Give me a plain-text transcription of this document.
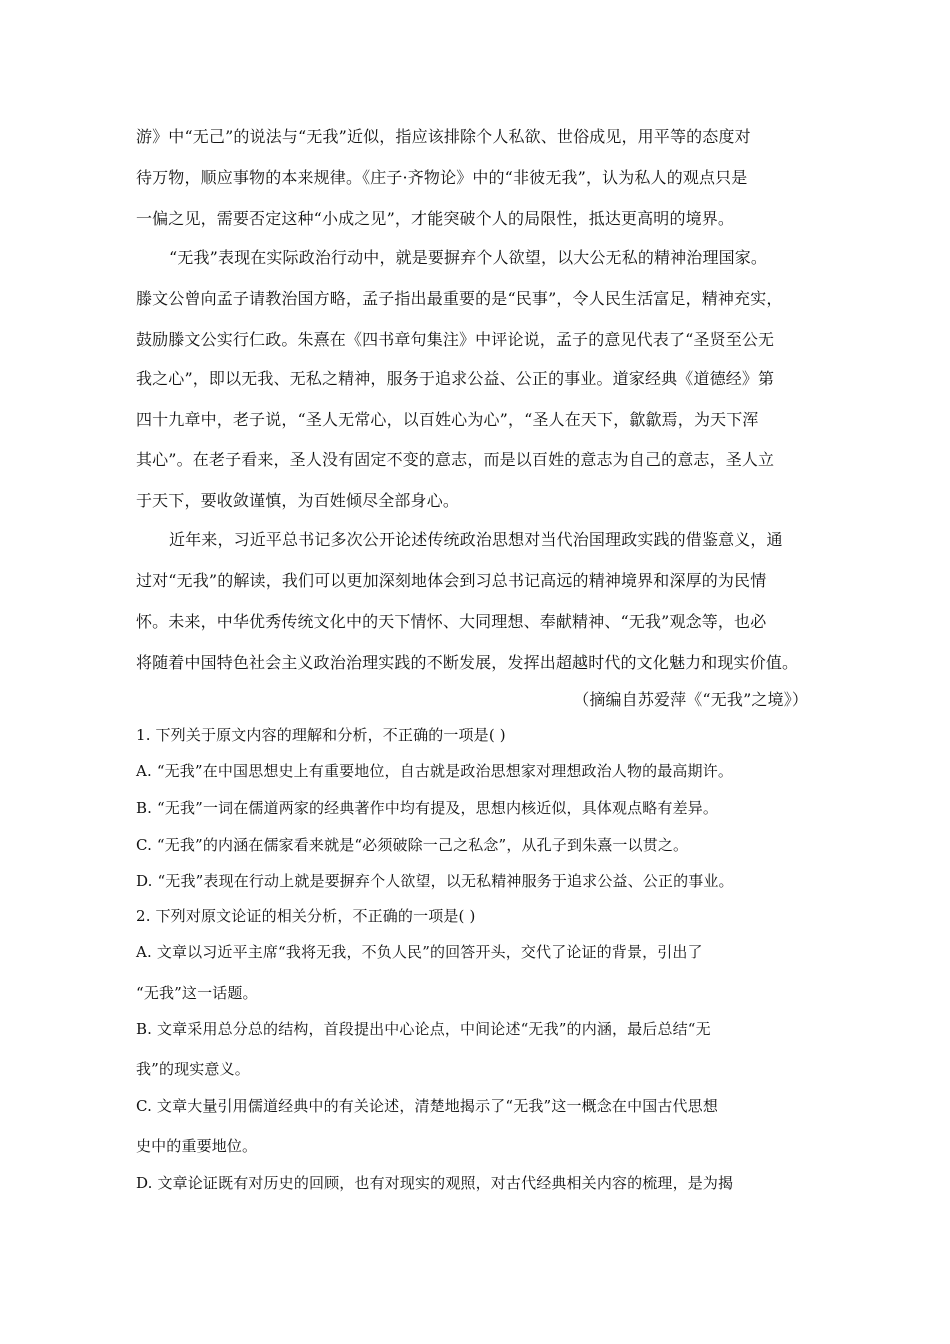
游》中“无己”的说法与“无我”近似，指应该排除个人私欲、世俗成见，用平等的态度对
待万物，顺应事物的本来规律。《庄子·齐物论》中的“非彼无我”，认为私人的观点只是
一偏之见，需要否定这种“小成之见”，才能突破个人的局限性，抵达更高明的境界。
“无我”表现在实际政治行动中，就是要摒弃个人欲望，以大公无私的精神治理国家。
滕文公曾向孟子请教治国方略，孟子指出最重要的是“民事”，令人民生活富足，精神充实，
鼓励滕文公实行仁政。朱熹在《四书章句集注》中评论说，孟子的意见代表了“圣贤至公无
我之心”，即以无我、无私之精神，服务于追求公益、公正的事业。道家经典《道德经》第
四十九章中，老子说，“圣人无常心，以百姓心为心”，“圣人在天下，歙歙焉，为天下浑
其心”。在老子看来，圣人没有固定不变的意志，而是以百姓的意志为自己的意志，圣人立
于天下，要收敛谨慎，为百姓倾尽全部身心。
近年来，习近平总书记多次公开论述传统政治思想对当代治国理政实践的借鉴意义，通
过对“无我”的解读，我们可以更加深刻地体会到习总书记高远的精神境界和深厚的为民情
怀。未来，中华优秀传统文化中的天下情怀、大同理想、奉献精神、“无我”观念等，也必
将随着中国特色社会主义政治治理实践的不断发展，发挥出超越时代的文化魅力和现实价值。
（摘编自苏爱萍《“无我”之境》）
1. 下列关于原文内容的理解和分析，不正确的一项是( )
A. “无我”在中国思想史上有重要地位，自古就是政治思想家对理想政治人物的最高期许。
B. “无我”一词在儒道两家的经典著作中均有提及，思想内核近似，具体观点略有差异。
C. “无我”的内涵在儒家看来就是“必须破除一己之私念”，从孔子到朱熹一以贯之。
D. “无我”表现在行动上就是要摒弃个人欲望，以无私精神服务于追求公益、公正的事业。
2. 下列对原文论证的相关分析，不正确的一项是( )
A. 文章以习近平主席“我将无我，不负人民”的回答开头，交代了论证的背景，引出了
“无我”这一话题。
B. 文章采用总分总的结构，首段提出中心论点，中间论述“无我”的内涵，最后总结“无
我”的现实意义。
C. 文章大量引用儒道经典中的有关论述，清楚地揭示了“无我”这一概念在中国古代思想
史中的重要地位。
D. 文章论证既有对历史的回顾，也有对现实的观照，对古代经典相关内容的梳理，是为揭
